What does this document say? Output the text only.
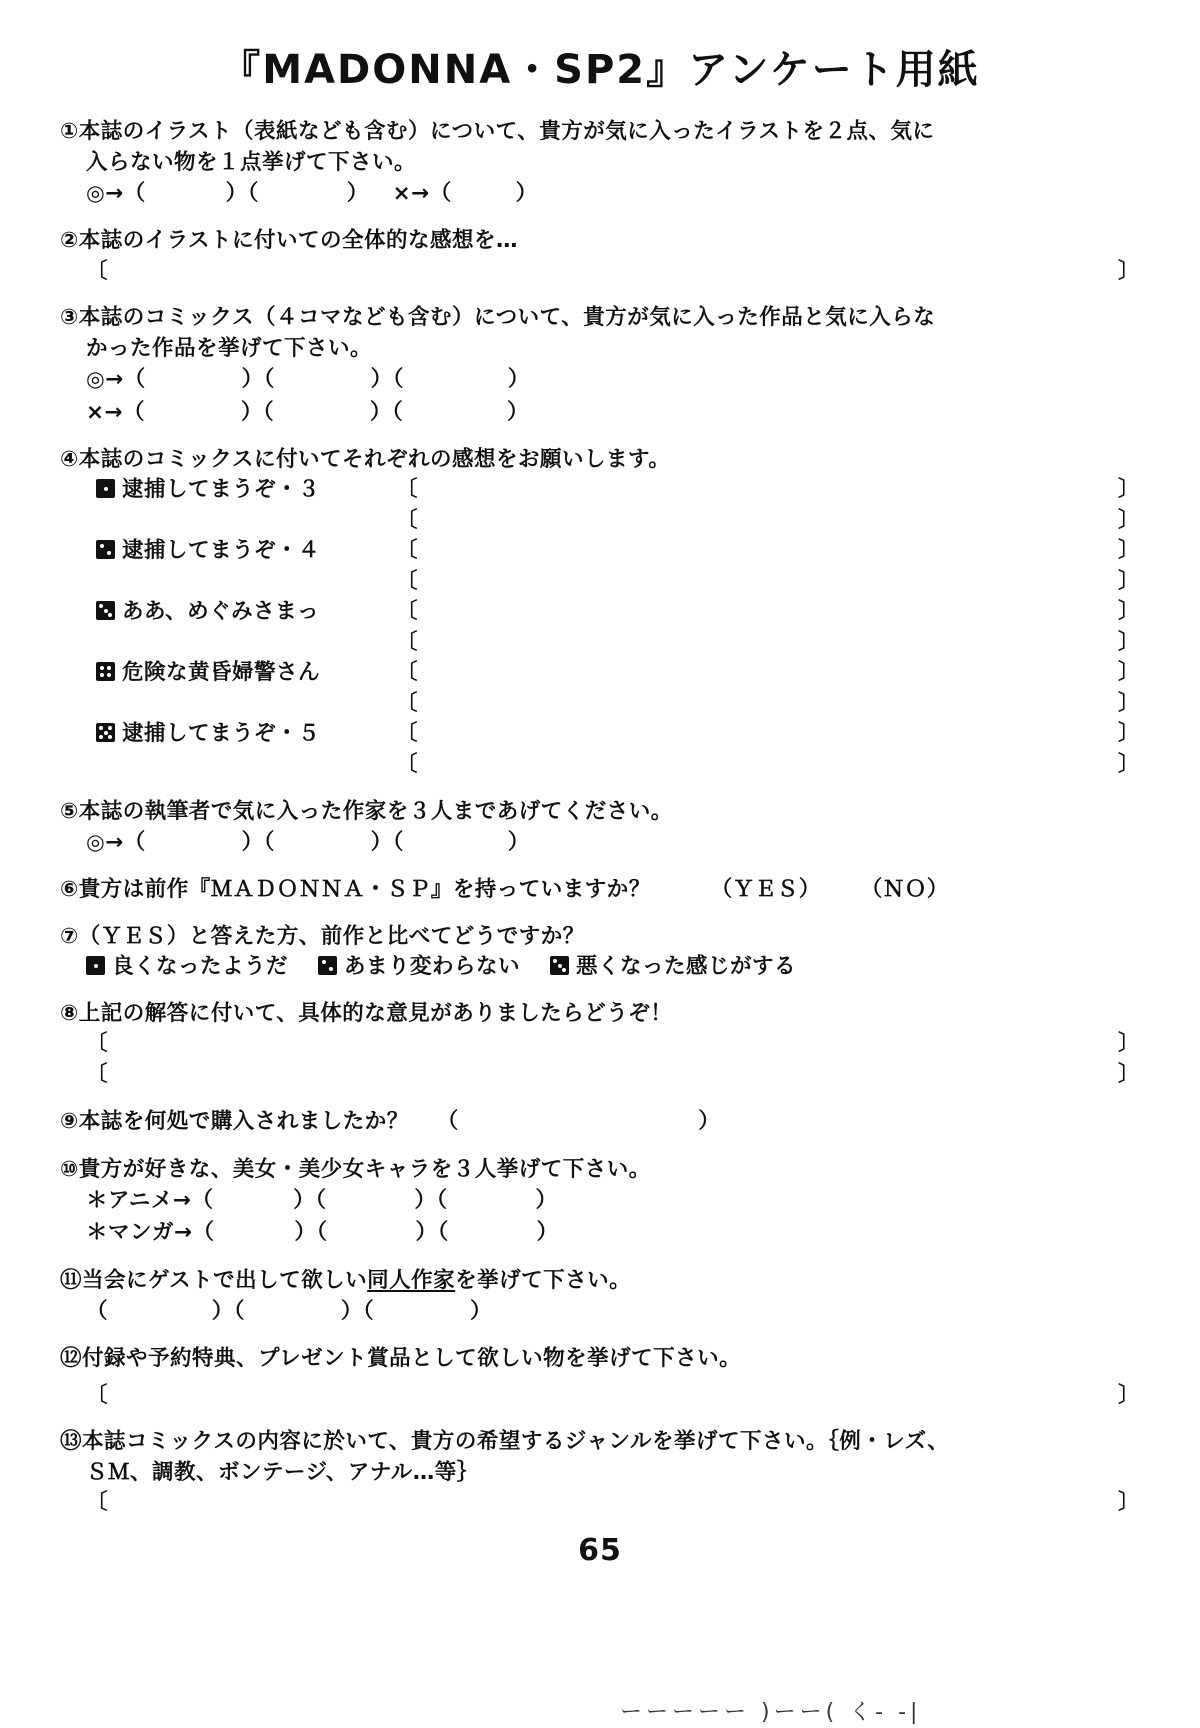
『MADONNA・SP2』アンケート用紙
①本誌のイラスト（表紙なども含む）について、貴方が気に入ったイラストを２点、気に
入らない物を１点挙げて下さい。
◎→（          ）（           ）   ×→（        ）
②本誌のイラストに付いての全体的な感想を…
〔	〕
③本誌のコミックス（４コマなども含む）について、貴方が気に入った作品と気に入らな
かった作品を挙げて下さい。
◎→（            ）（            ）（             ）
×→（            ）（            ）（             ）
④本誌のコミックスに付いてそれぞれの感想をお願いします。
逮捕してまうぞ・３	〔	〕
〔	〕
逮捕してまうぞ・４	〔	〕
〔	〕
ああ、めぐみさまっ	〔	〕
〔	〕
危険な黄昏婦警さん	〔	〕
〔	〕
逮捕してまうぞ・５	〔	〕
〔	〕
⑤本誌の執筆者で気に入った作家を３人まであげてください。
◎→（            ）（            ）（             ）
⑥貴方は前作『ＭＡＤＯＮＮＡ・ＳＰ』を持っていますか？	（ＹＥＳ） （ＮＯ）
⑦（ＹＥＳ）と答えた方、前作と比べてどうですか？
良くなったようだ	あまり変わらない	悪くなった感じがする
⑧上記の解答に付いて、具体的な意見がありましたらどうぞ！
〔	〕
〔	〕
⑨本誌を何処で購入されましたか？ （                              ）
⑩貴方が好きな、美女・美少女キャラを３人挙げて下さい。
＊アニメ→（          ）（           ）（           ）
＊マンガ→（          ）（           ）（           ）
⑪当会にゲストで出して欲しい同人作家を挙げて下さい。
（             ）（            ）（            ）
⑫付録や予約特典、プレゼント賞品として欲しい物を挙げて下さい。
〔	〕
⑬本誌コミックスの内容に於いて、貴方の希望するジャンルを挙げて下さい。｛例・レズ、
ＳＭ、調教、ボンテージ、アナル…等｝
〔	〕
65
ーーーーー )ーー( く‐ ‐|
